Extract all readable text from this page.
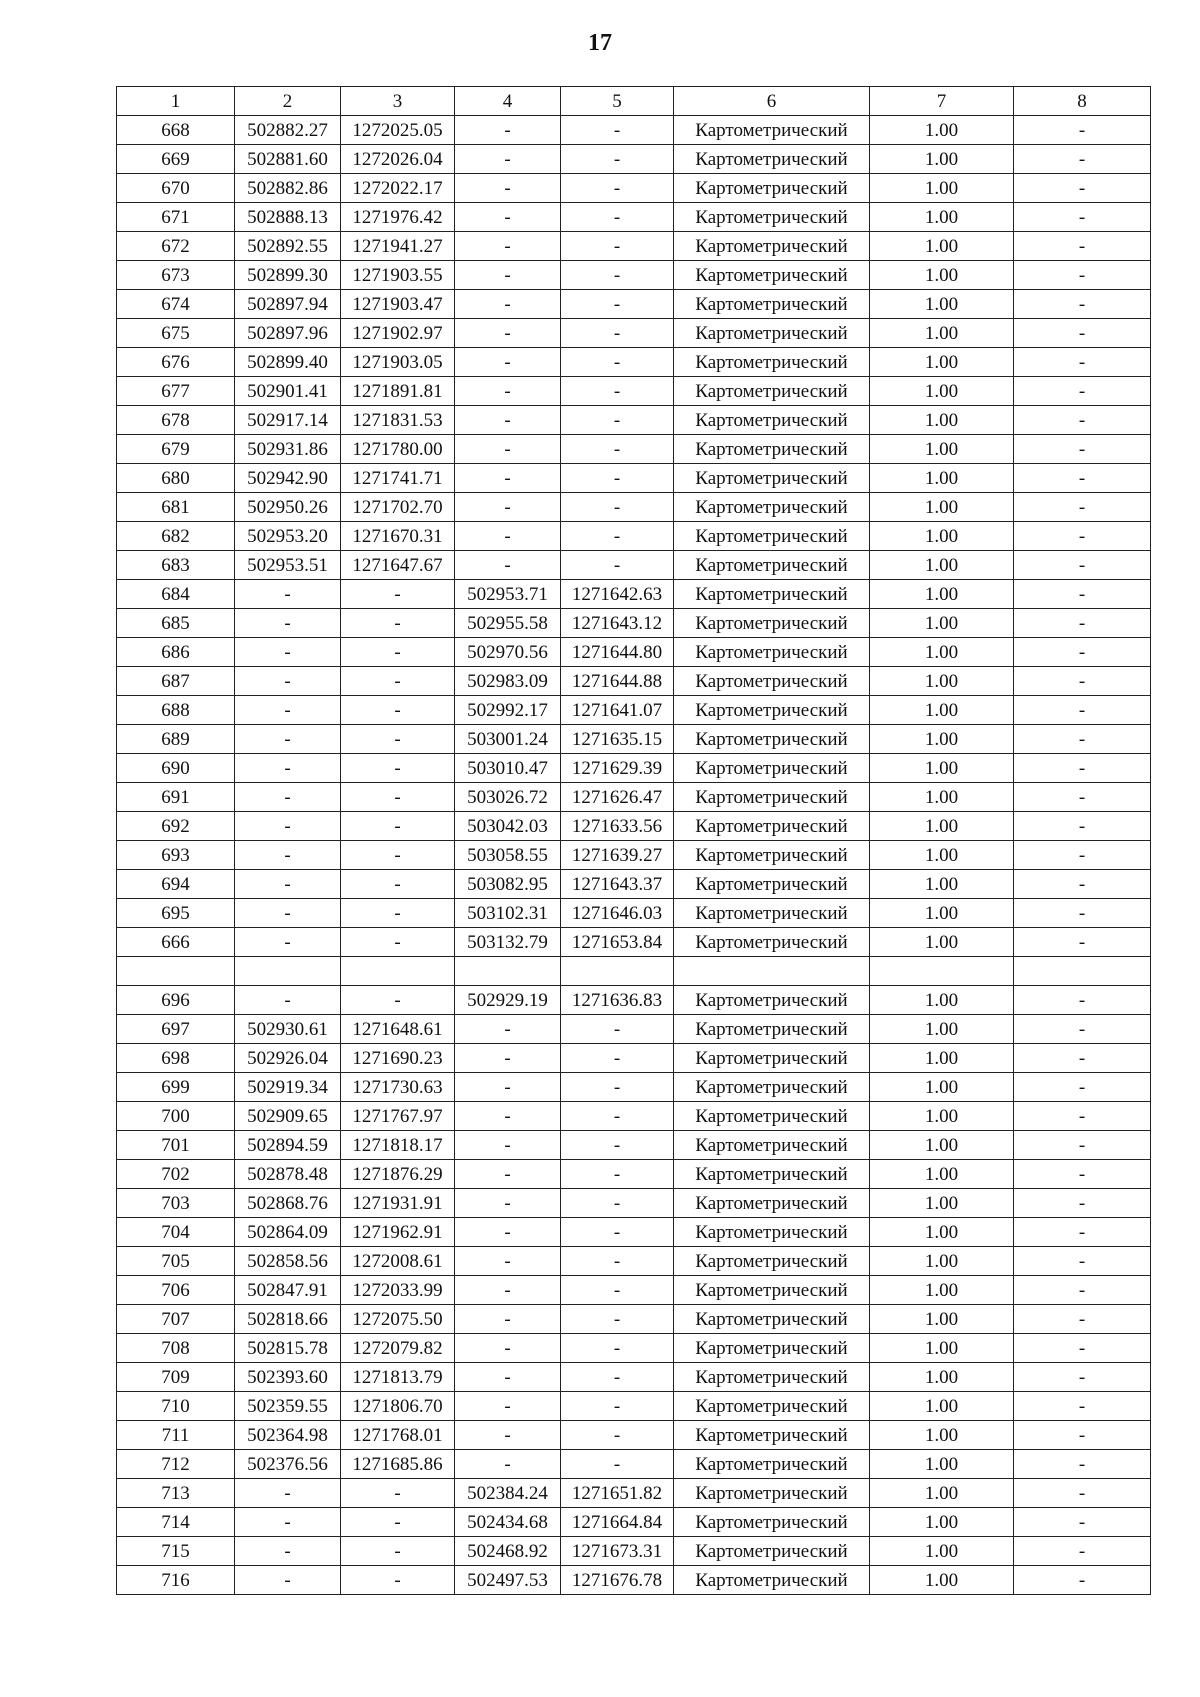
17
1	2	3	4	5	6	7	8
668	502882.27	1272025.05	-	-	Картометрический	1.00	-
669	502881.60	1272026.04	-	-	Картометрический	1.00	-
670	502882.86	1272022.17	-	-	Картометрический	1.00	-
671	502888.13	1271976.42	-	-	Картометрический	1.00	-
672	502892.55	1271941.27	-	-	Картометрический	1.00	-
673	502899.30	1271903.55	-	-	Картометрический	1.00	-
674	502897.94	1271903.47	-	-	Картометрический	1.00	-
675	502897.96	1271902.97	-	-	Картометрический	1.00	-
676	502899.40	1271903.05	-	-	Картометрический	1.00	-
677	502901.41	1271891.81	-	-	Картометрический	1.00	-
678	502917.14	1271831.53	-	-	Картометрический	1.00	-
679	502931.86	1271780.00	-	-	Картометрический	1.00	-
680	502942.90	1271741.71	-	-	Картометрический	1.00	-
681	502950.26	1271702.70	-	-	Картометрический	1.00	-
682	502953.20	1271670.31	-	-	Картометрический	1.00	-
683	502953.51	1271647.67	-	-	Картометрический	1.00	-
684	-	-	502953.71	1271642.63	Картометрический	1.00	-
685	-	-	502955.58	1271643.12	Картометрический	1.00	-
686	-	-	502970.56	1271644.80	Картометрический	1.00	-
687	-	-	502983.09	1271644.88	Картометрический	1.00	-
688	-	-	502992.17	1271641.07	Картометрический	1.00	-
689	-	-	503001.24	1271635.15	Картометрический	1.00	-
690	-	-	503010.47	1271629.39	Картометрический	1.00	-
691	-	-	503026.72	1271626.47	Картометрический	1.00	-
692	-	-	503042.03	1271633.56	Картометрический	1.00	-
693	-	-	503058.55	1271639.27	Картометрический	1.00	-
694	-	-	503082.95	1271643.37	Картометрический	1.00	-
695	-	-	503102.31	1271646.03	Картометрический	1.00	-
666	-	-	503132.79	1271653.84	Картометрический	1.00	-

696	-	-	502929.19	1271636.83	Картометрический	1.00	-
697	502930.61	1271648.61	-	-	Картометрический	1.00	-
698	502926.04	1271690.23	-	-	Картометрический	1.00	-
699	502919.34	1271730.63	-	-	Картометрический	1.00	-
700	502909.65	1271767.97	-	-	Картометрический	1.00	-
701	502894.59	1271818.17	-	-	Картометрический	1.00	-
702	502878.48	1271876.29	-	-	Картометрический	1.00	-
703	502868.76	1271931.91	-	-	Картометрический	1.00	-
704	502864.09	1271962.91	-	-	Картометрический	1.00	-
705	502858.56	1272008.61	-	-	Картометрический	1.00	-
706	502847.91	1272033.99	-	-	Картометрический	1.00	-
707	502818.66	1272075.50	-	-	Картометрический	1.00	-
708	502815.78	1272079.82	-	-	Картометрический	1.00	-
709	502393.60	1271813.79	-	-	Картометрический	1.00	-
710	502359.55	1271806.70	-	-	Картометрический	1.00	-
711	502364.98	1271768.01	-	-	Картометрический	1.00	-
712	502376.56	1271685.86	-	-	Картометрический	1.00	-
713	-	-	502384.24	1271651.82	Картометрический	1.00	-
714	-	-	502434.68	1271664.84	Картометрический	1.00	-
715	-	-	502468.92	1271673.31	Картометрический	1.00	-
716	-	-	502497.53	1271676.78	Картометрический	1.00	-
